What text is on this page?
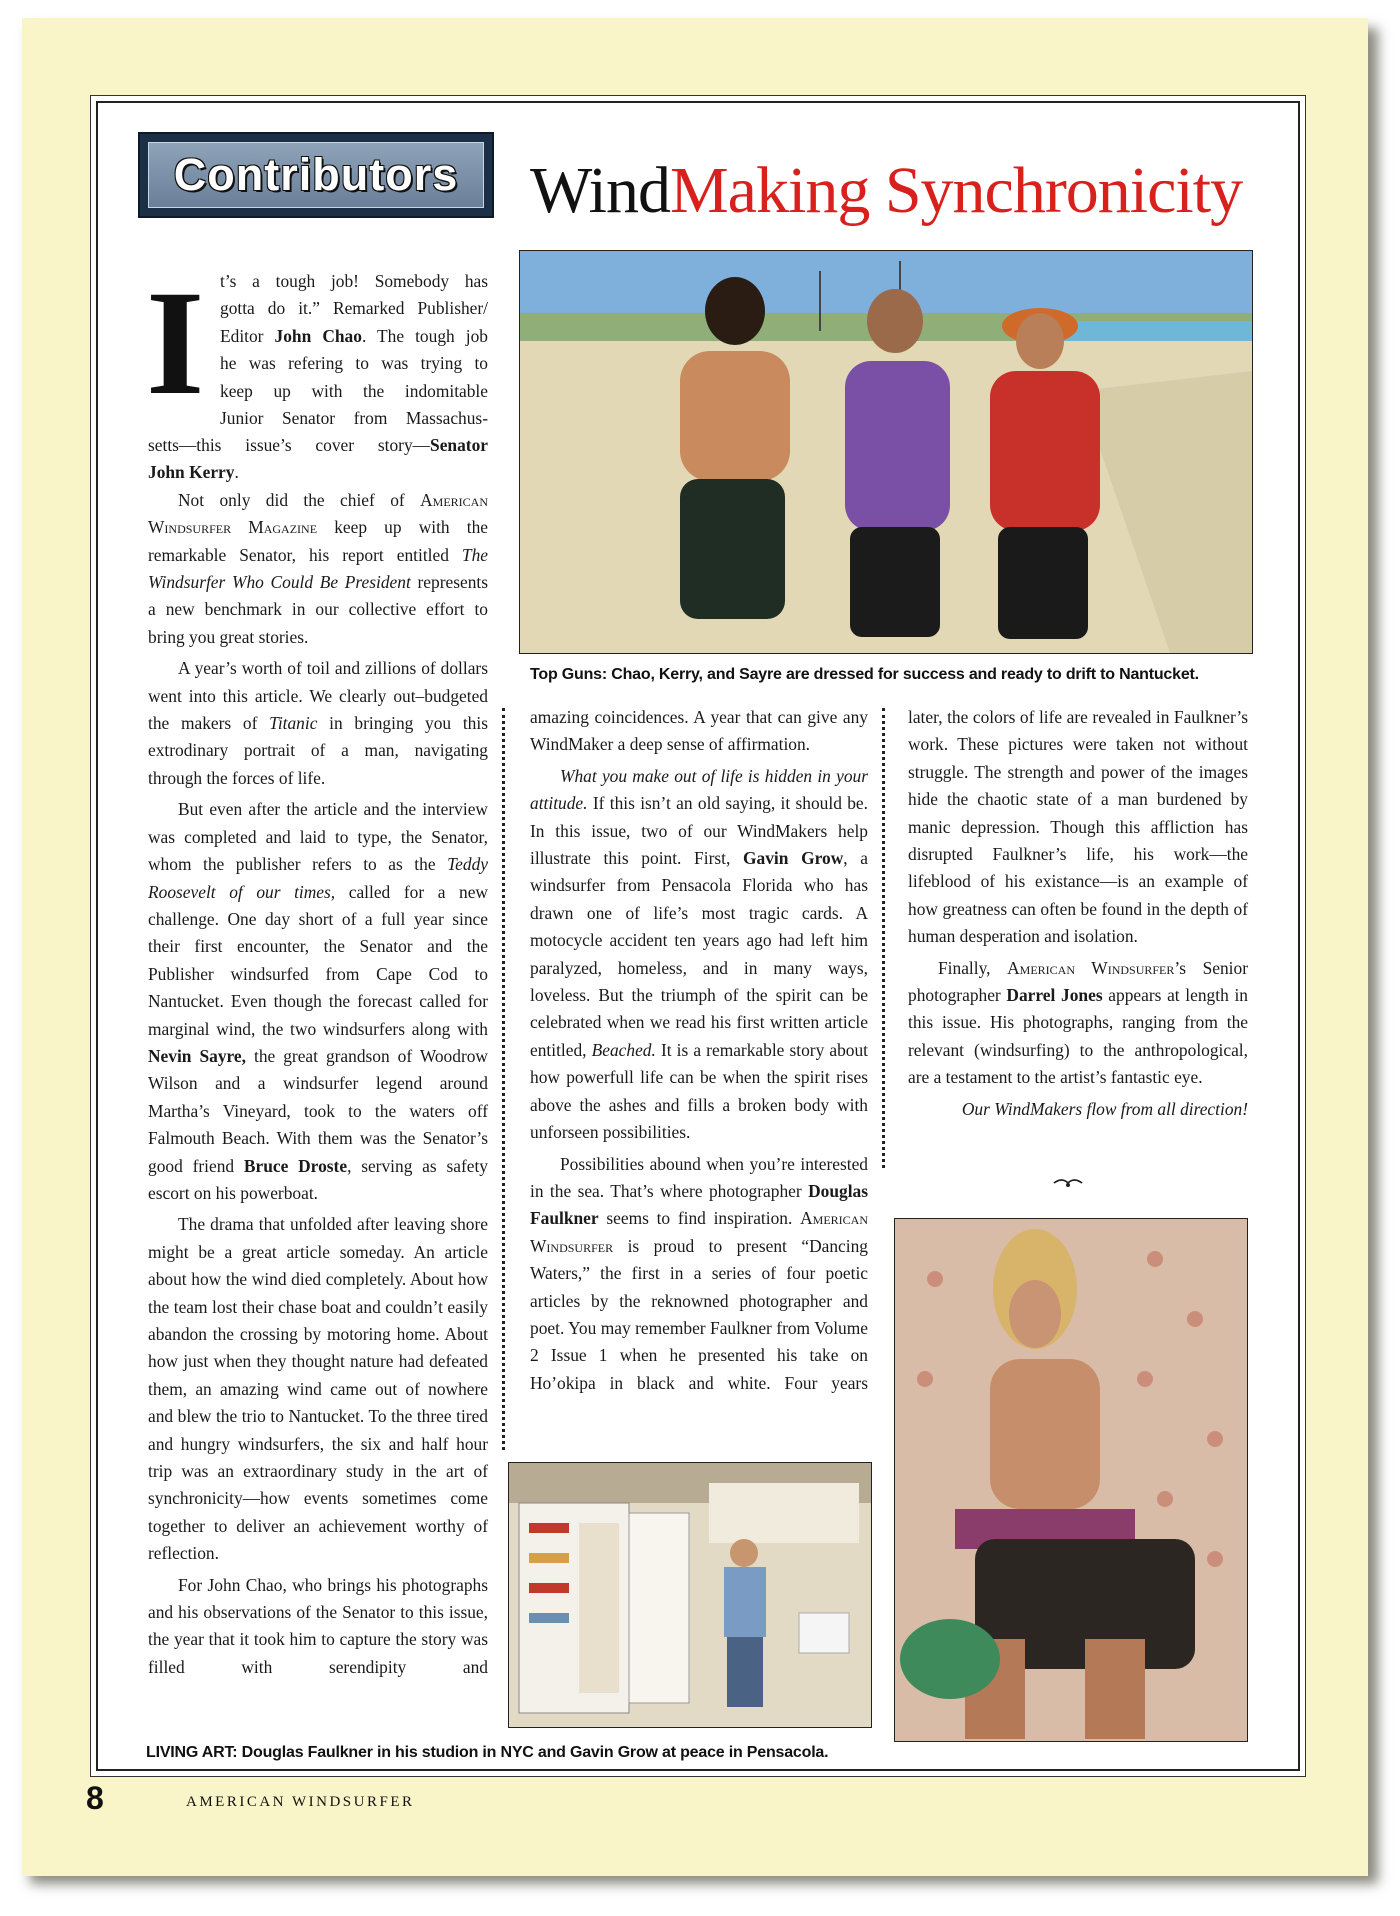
Contributors WindMaking Synchronicity
Top Guns: Chao, Kerry, and Sayre are dressed for success and ready to drift to Nantucket.
I t’s a tough job! Somebody has
gotta do it.” Remarked Publisher/
Editor John Chao. The tough job
he was refering to was trying to
keep up with the indomitable
Junior Senator from Massachus-
setts—this issue’s cover story—Senator
John Kerry.
Not only did the chief of American Windsurfer Magazine keep up with the remarkable Senator, his report entitled The Windsurfer Who Could Be President represents a new benchmark in our collective effort to bring you great stories.
A year’s worth of toil and zillions of dollars went into this article. We clearly out–budgeted the makers of Titanic in bringing you this extrodinary portrait of a man, navigating through the forces of life.
But even after the article and the interview was completed and laid to type, the Senator, whom the publisher refers to as the Teddy Roosevelt of our times, called for a new challenge. One day short of a full year since their first encounter, the Senator and the Publisher windsurfed from Cape Cod to Nantucket. Even though the forecast called for marginal wind, the two windsurfers along with Nevin Sayre, the great grandson of Woodrow Wilson and a windsurfer legend around Martha’s Vineyard, took to the waters off Falmouth Beach. With them was the Senator’s good friend Bruce Droste, serving as safety escort on his powerboat.
The drama that unfolded after leaving shore might be a great article someday. An article about how the wind died completely. About how the team lost their chase boat and couldn’t easily abandon the crossing by motoring home. About how just when they thought nature had defeated them, an amazing wind came out of nowhere and blew the trio to Nantucket. To the three tired and hungry windsurfers, the six and half hour trip was an extraordinary study in the art of synchronicity—how events sometimes come together to deliver an achievement worthy of reflection.
For John Chao, who brings his photographs and his observations of the Senator to this issue, the year that it took him to capture the story was filled with serendipity and
amazing coincidences. A year that can give any WindMaker a deep sense of affirmation.
What you make out of life is hidden in your attitude. If this isn’t an old saying, it should be. In this issue, two of our WindMakers help illustrate this point. First, Gavin Grow, a windsurfer from Pensacola Florida who has drawn one of life’s most tragic cards. A motocycle accident ten years ago had left him paralyzed, homeless, and in many ways, loveless. But the triumph of the spirit can be celebrated when we read his first written article entitled, Beached. It is a remarkable story about how powerfull life can be when the spirit rises above the ashes and fills a broken body with unforseen possibilities.
Possibilities abound when you’re interested in the sea. That’s where photographer Douglas Faulkner seems to find inspiration. American Windsurfer is proud to present “Dancing Waters,” the first in a series of four poetic articles by the reknowned photographer and poet. You may remember Faulkner from Volume 2 Issue 1 when he presented his take on Ho’okipa in black and white. Four years
later, the colors of life are revealed in Faulkner’s work. These pictures were taken not without struggle. The strength and power of the images hide the chaotic state of a man burdened by manic depression. Though this affliction has disrupted Faulkner’s life, his work—the lifeblood of his existance—is an example of how greatness can often be found in the depth of human desperation and isolation.
Finally, American Windsurfer’s Senior photographer Darrel Jones appears at length in this issue. His photographs, ranging from the relevant (windsurfing) to the anthropological, are a testament to the artist’s fantastic eye.
Our WindMakers flow from all direction!
LIVING ART: Douglas Faulkner in his studion in NYC and Gavin Grow at peace in Pensacola.
8	AMERICAN WINDSURFER
